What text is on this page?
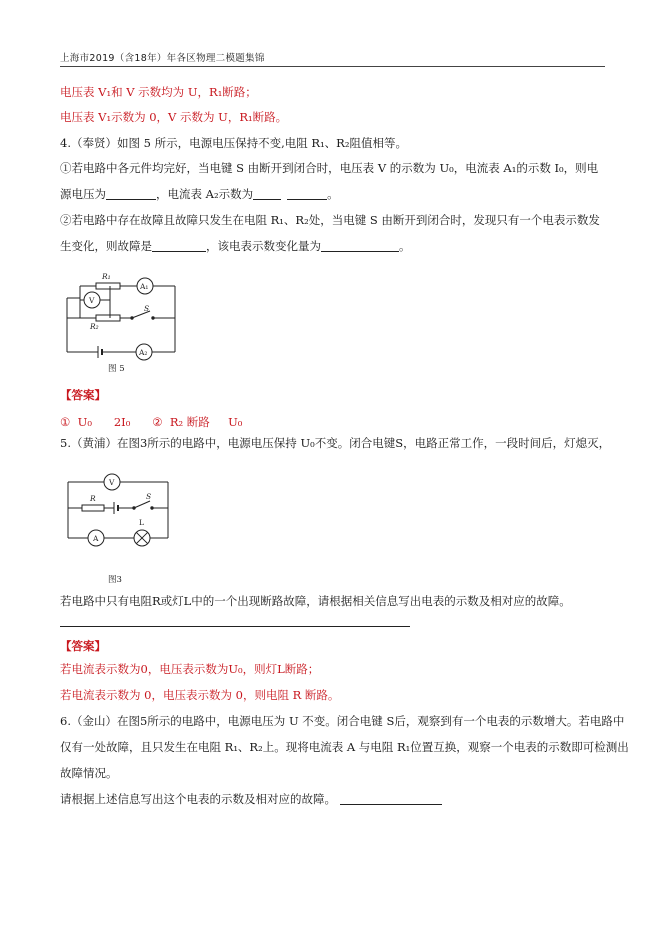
上海市2019（含18年）年各区物理二模题集锦
电压表 V₁和 V 示数均为 U，R₁断路；
电压表 V₁示数为 0，V 示数为 U，R₁断路。
4.（奉贤）如图 5 所示，电源电压保持不变,电阻 R₁、R₂阻值相等。
①若电路中各元件均完好，当电键 S 由断开到闭合时，电压表 V 的示数为 U₀，电流表 A₁的示数 I₀，则电
源电压为	，电流表 A₂示数为	。
②若电路中存在故障且故障只发生在电阻 R₁、R₂处，当电键 S 由断开到闭合时，发现只有一个电表示数发
生变化，则故障是	，该电表示数变化量为	。
R₁
A₁
V
R₂
S
A₂
图 5
【答案】
①  U₀      2I₀      ②  R₂ 断路     U₀
5.（黄浦）在图3所示的电路中，电源电压保持 U₀不变。闭合电键S，电路正常工作，一段时间后，灯熄灭，
V
R	S
L
A
图3
若电路中只有电阻R或灯L中的一个出现断路故障，请根据相关信息写出电表的示数及相对应的故障。
【答案】
若电流表示数为0，电压表示数为U₀，则灯L断路；
若电流表示数为 0，电压表示数为 0，则电阻 R 断路。
6.（金山）在图5所示的电路中，电源电压为 U 不变。闭合电键 S后，观察到有一个电表的示数增大。若电路中
仅有一处故障，且只发生在电阻 R₁、R₂上。现将电流表 A 与电阻 R₁位置互换，观察一个电表的示数即可检测出
故障情况。
请根据上述信息写出这个电表的示数及相对应的故障。
